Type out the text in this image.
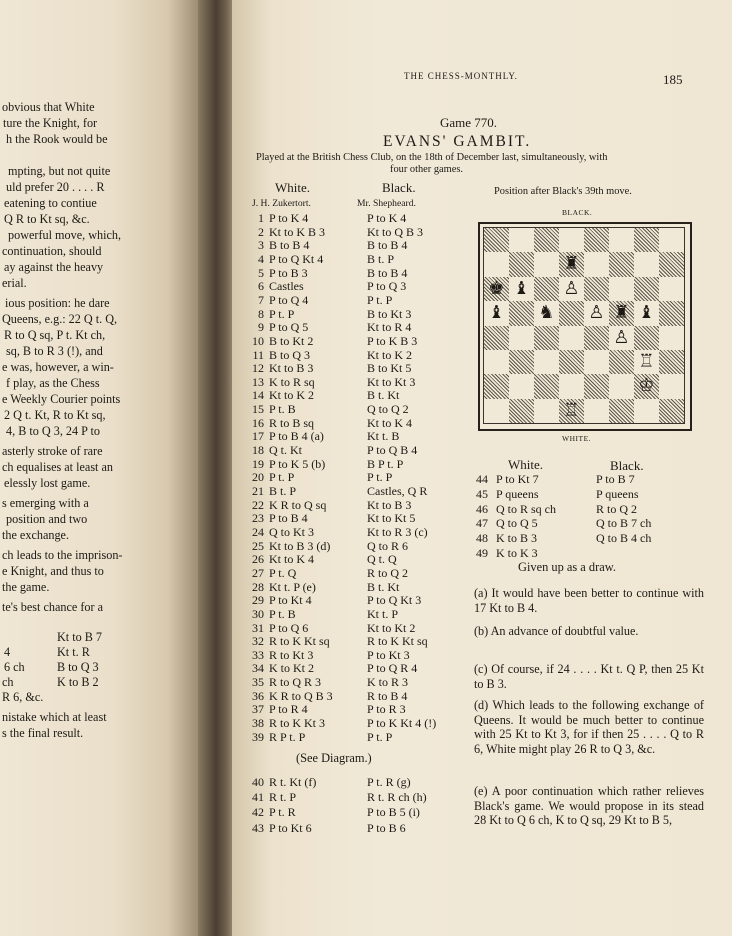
obvious that White
ture the Knight, for
h the Rook would be
mpting, but not quite
uld prefer 20 . . . . R
eatening to contiue
Q R to Kt sq, &c.
powerful move, which,
continuation, should
ay against the heavy
erial.
ious position: he dare
Queens, e.g.: 22 Q t. Q,
R to Q sq, P t. Kt ch,
sq, B to R 3 (!), and
e was, however, a win-
f play, as the Chess
e Weekly Courier points
2 Q t. Kt, R to Kt sq,
4, B to Q 3, 24 P to
asterly stroke of rare
ch equalises at least an
elessly lost game.
s emerging with a
position and two
the exchange.
ch leads to the imprison-
e Knight, and thus to
the game.
te's best chance for a
Kt to B 7
4	Kt t. R
6 ch	B to Q 3
ch	K to B 2
R 6, &c.
nistake which at least
s the final result.
THE CHESS-MONTHLY.	185
Game 770.
EVANS' GAMBIT.
Played at the British Chess Club, on the 18th of December last, simultaneously, with
four other games.
White.	Black.
J. H. Zukertort.	Mr. Shepheard.
Position after Black's 39th move.
BLACK.
♜
♚ ♝ ♙
♝ ♞ ♙ ♜ ♝
♙
♖
♔
♖
WHITE.
1 P to K 4	P to K 4
2 Kt to K B 3	Kt to Q B 3
3 B to B 4	B to B 4
4 P to Q Kt 4	B t. P
5 P to B 3	B to B 4
6 Castles	P to Q 3
7 P to Q 4	P t. P
8 P t. P	B to Kt 3
9 P to Q 5	Kt to R 4
10 B to Kt 2	P to K B 3
11 B to Q 3	Kt to K 2
12 Kt to B 3	B to Kt 5
13 K to R sq	Kt to Kt 3
14 Kt to K 2	B t. Kt
15 P t. B	Q to Q 2
16 R to B sq	Kt to K 4
17 P to B 4 (a)	Kt t. B
18 Q t. Kt	P to Q B 4
19 P to K 5 (b)	B P t. P
20 P t. P	P t. P
21 B t. P	Castles, Q R
22 K R to Q sq	Kt to B 3
23 P to B 4	Kt to Kt 5
24 Q to Kt 3	Kt to R 3 (c)
25 Kt to B 3 (d)	Q to R 6
26 Kt to K 4	Q t. Q
27 P t. Q	R to Q 2
28 Kt t. P (e)	B t. Kt
29 P to Kt 4	P to Q Kt 3
30 P t. B	Kt t. P
31 P to Q 6	Kt to Kt 2
32 R to K Kt sq	R to K Kt sq
33 R to Kt 3	P to Kt 3
34 K to Kt 2	P to Q R 4
35 R to Q R 3	K to R 3
36 K R to Q B 3	R to B 4
37 P to R 4	P to R 3
38 R to K Kt 3	P to K Kt 4 (!)
39 R P t. P	P t. P
(See Diagram.)
40 R t. Kt (f)	P t. R (g)
41 R t. P	R t. R ch (h)
42 P t. R	P to B 5 (i)
43 P to Kt 6	P to B 6
White.	Black.
44 P to Kt 7	P to B 7
45 P queens	P queens
46 Q to R sq ch	R to Q 2
47 Q to Q 5	Q to B 7 ch
48 K to B 3	Q to B 4 ch
49 K to K 3
Given up as a draw.

(a) It would have been better to continue with 17 Kt to B 4.

(b) An advance of doubtful value.

(c) Of course, if 24 . . . . Kt t. Q P, then 25 Kt to B 3.

(d) Which leads to the following exchange of Queens. It would be much better to continue with 25 Kt to Kt 3, for if then 25 . . . . Q to R 6, White might play 26 R to Q 3, &c.

(e) A poor continuation which rather relieves Black's game. We would propose in its stead 28 Kt to Q 6 ch, K to Q sq, 29 Kt to B 5,
